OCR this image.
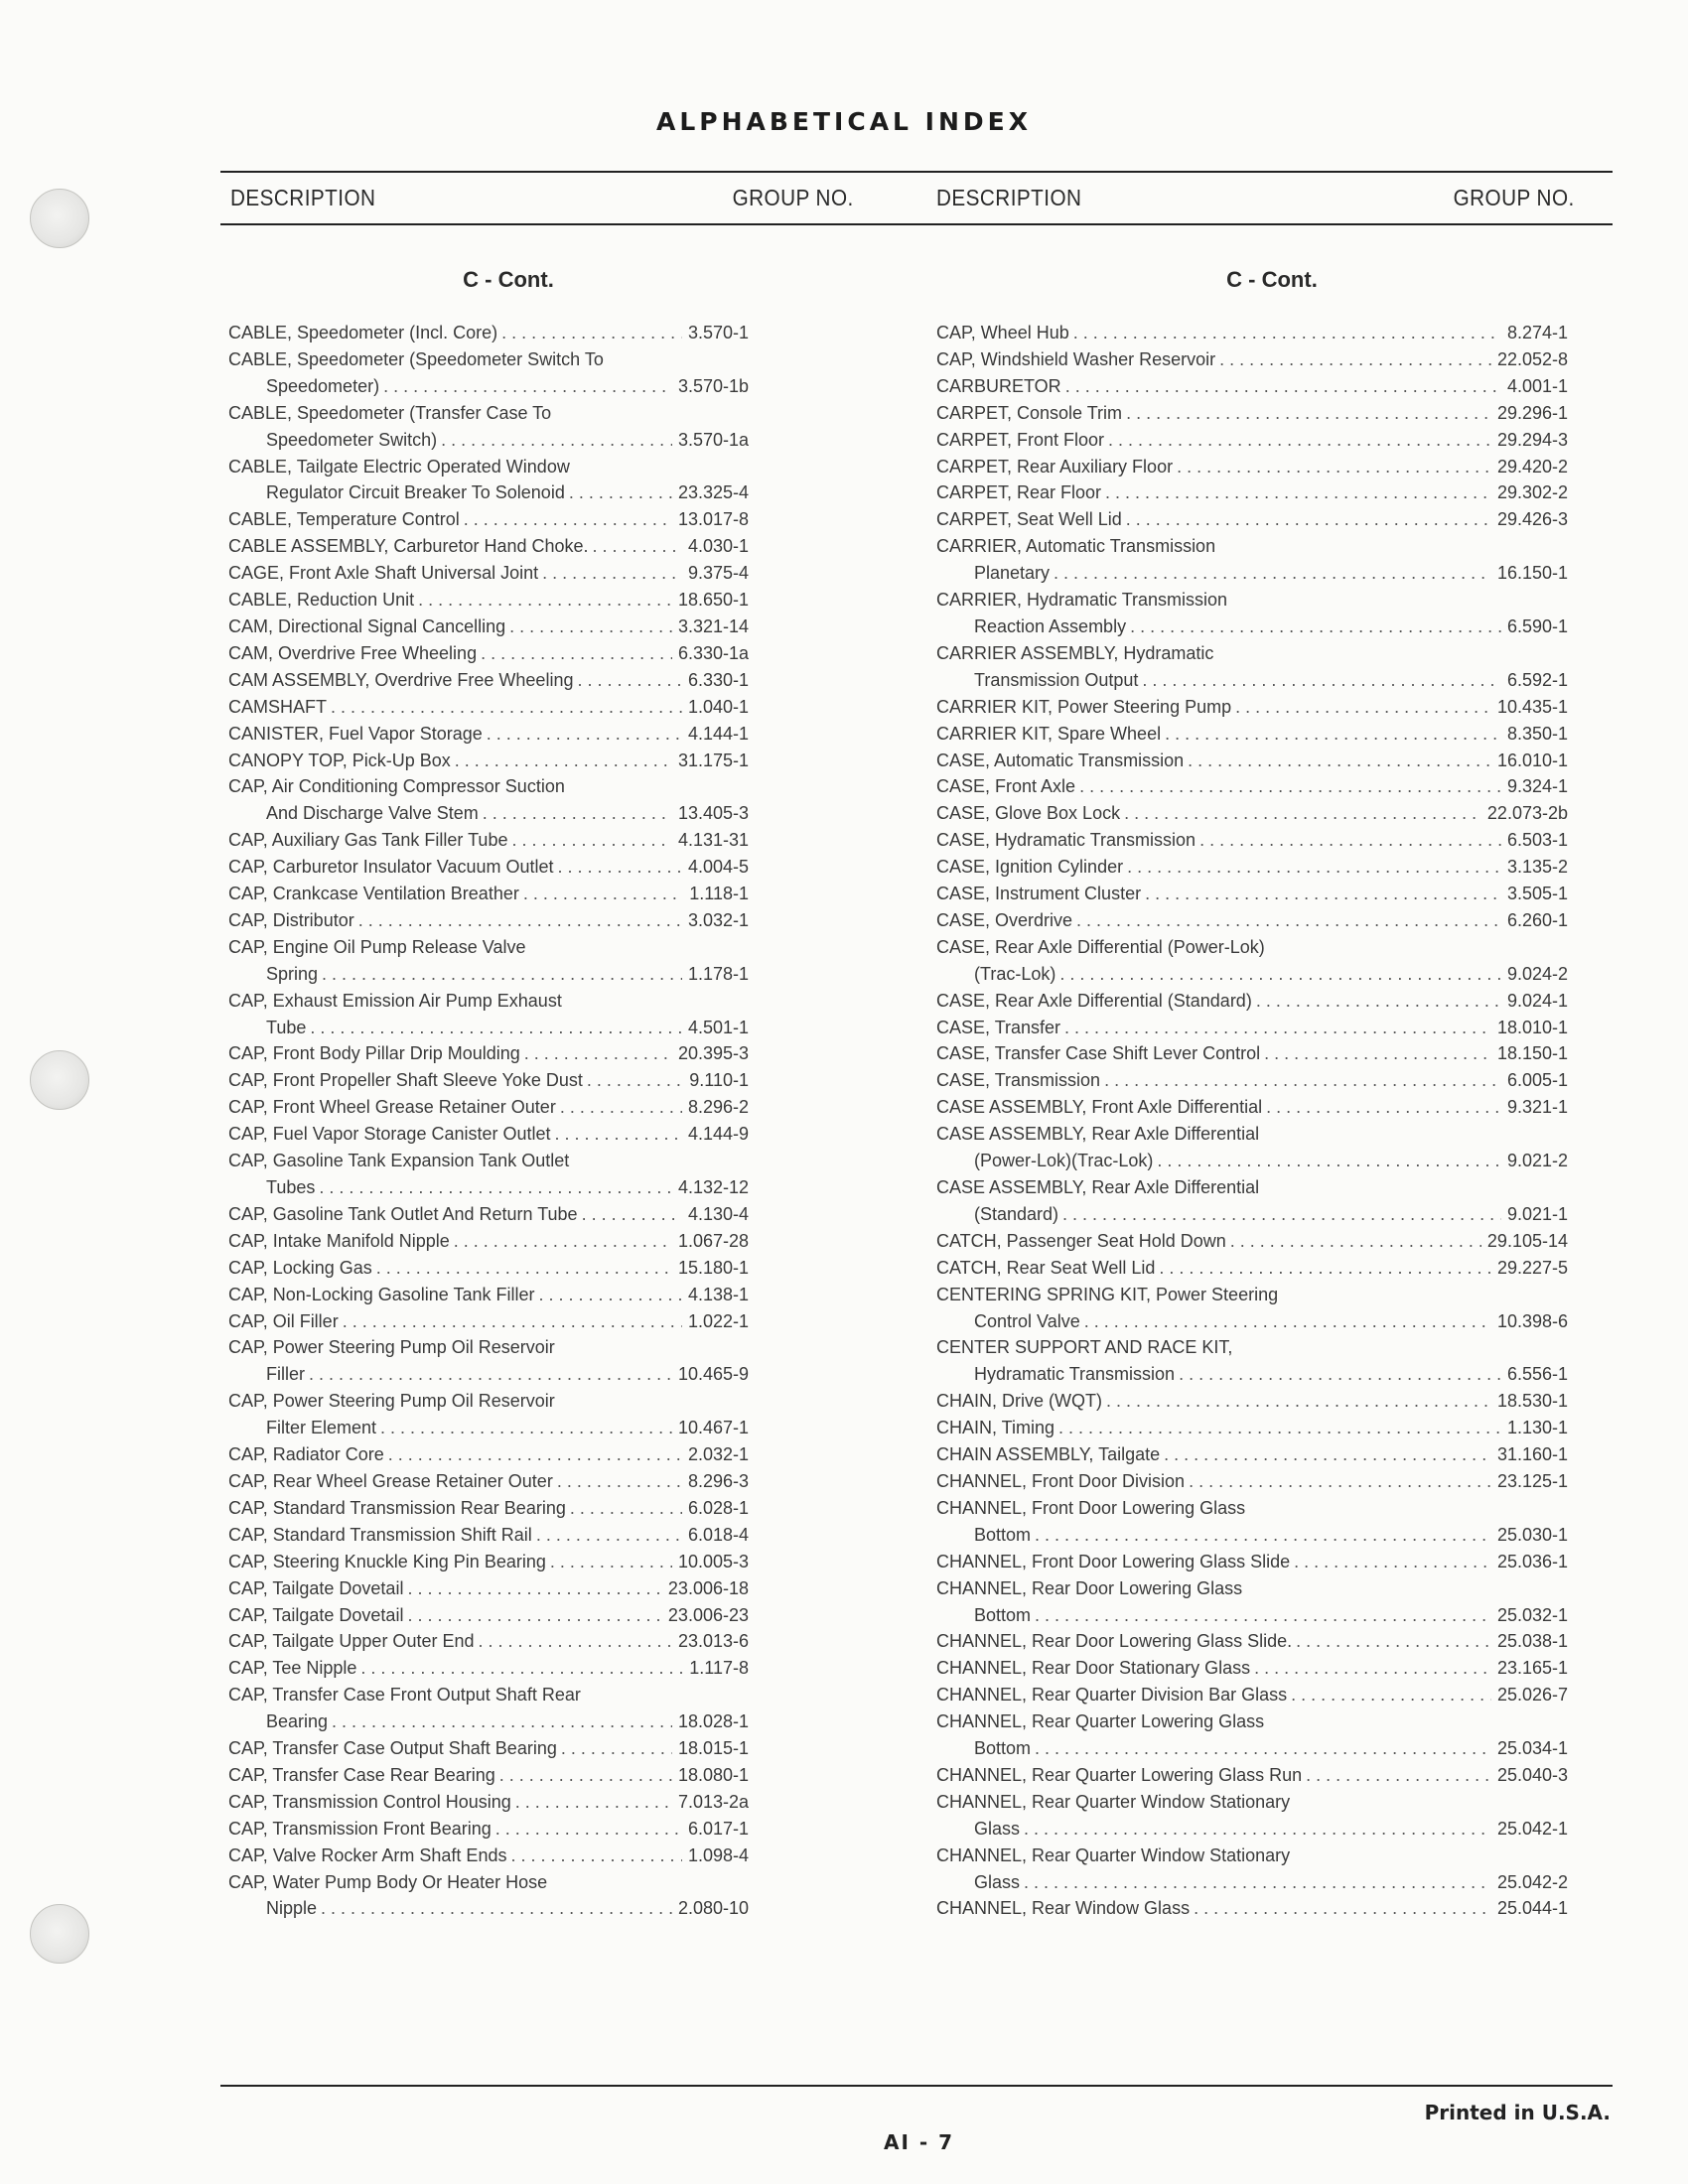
ALPHABETICAL INDEX
DESCRIPTION	GROUP NO.	DESCRIPTION	GROUP NO.
C - Cont.
CABLE, Speedometer (Incl. Core) . . .	3.570-1
CABLE, Speedometer (Speedometer Switch To
Speedometer) . . .	3.570-1b
CABLE, Speedometer (Transfer Case To
Speedometer Switch) . . .	3.570-1a
CABLE, Tailgate Electric Operated Window
Regulator Circuit Breaker To Solenoid . . .	23.325-4
CABLE, Temperature Control . . .	13.017-8
CABLE ASSEMBLY, Carburetor Hand Choke. . . .	4.030-1
CAGE, Front Axle Shaft Universal Joint . . .	9.375-4
CABLE, Reduction Unit . . .	18.650-1
CAM, Directional Signal Cancelling . . .	3.321-14
CAM, Overdrive Free Wheeling . . .	6.330-1a
CAM ASSEMBLY, Overdrive Free Wheeling . . .	6.330-1
CAMSHAFT . . .	1.040-1
CANISTER, Fuel Vapor Storage . . .	4.144-1
CANOPY TOP, Pick-Up Box . . .	31.175-1
CAP, Air Conditioning Compressor Suction
And Discharge Valve Stem . . .	13.405-3
CAP, Auxiliary Gas Tank Filler Tube . . .	4.131-31
CAP, Carburetor Insulator Vacuum Outlet . . .	4.004-5
CAP, Crankcase Ventilation Breather . . .	1.118-1
CAP, Distributor . . .	3.032-1
CAP, Engine Oil Pump Release Valve
Spring . . .	1.178-1
CAP, Exhaust Emission Air Pump Exhaust
Tube . . .	4.501-1
CAP, Front Body Pillar Drip Moulding . . .	20.395-3
CAP, Front Propeller Shaft Sleeve Yoke Dust . . .	9.110-1
CAP, Front Wheel Grease Retainer Outer . . .	8.296-2
CAP, Fuel Vapor Storage Canister Outlet . . .	4.144-9
CAP, Gasoline Tank Expansion Tank Outlet
Tubes . . .	4.132-12
CAP, Gasoline Tank Outlet And Return Tube . . .	4.130-4
CAP, Intake Manifold Nipple . . .	1.067-28
CAP, Locking Gas . . .	15.180-1
CAP, Non-Locking Gasoline Tank Filler . . .	4.138-1
CAP, Oil Filler . . .	1.022-1
CAP, Power Steering Pump Oil Reservoir
Filler . . .	10.465-9
CAP, Power Steering Pump Oil Reservoir
Filter Element . . .	10.467-1
CAP, Radiator Core . . .	2.032-1
CAP, Rear Wheel Grease Retainer Outer . . .	8.296-3
CAP, Standard Transmission Rear Bearing . . .	6.028-1
CAP, Standard Transmission Shift Rail . . .	6.018-4
CAP, Steering Knuckle King Pin Bearing . . .	10.005-3
CAP, Tailgate Dovetail . . .	23.006-18
CAP, Tailgate Dovetail . . .	23.006-23
CAP, Tailgate Upper Outer End . . .	23.013-6
CAP, Tee Nipple . . .	1.117-8
CAP, Transfer Case Front Output Shaft Rear
Bearing . . .	18.028-1
CAP, Transfer Case Output Shaft Bearing . . .	18.015-1
CAP, Transfer Case Rear Bearing . . .	18.080-1
CAP, Transmission Control Housing . . .	7.013-2a
CAP, Transmission Front Bearing . . .	6.017-1
CAP, Valve Rocker Arm Shaft Ends . . .	1.098-4
CAP, Water Pump Body Or Heater Hose
Nipple . . .	2.080-10
C - Cont.
CAP, Wheel Hub . . .	8.274-1
CAP, Windshield Washer Reservoir . . .	22.052-8
CARBURETOR . . .	4.001-1
CARPET, Console Trim . . .	29.296-1
CARPET, Front Floor . . .	29.294-3
CARPET, Rear Auxiliary Floor . . .	29.420-2
CARPET, Rear Floor . . .	29.302-2
CARPET, Seat Well Lid . . .	29.426-3
CARRIER, Automatic Transmission
Planetary . . .	16.150-1
CARRIER, Hydramatic Transmission
Reaction Assembly . . .	6.590-1
CARRIER ASSEMBLY, Hydramatic
Transmission Output . . .	6.592-1
CARRIER KIT, Power Steering Pump . . .	10.435-1
CARRIER KIT, Spare Wheel . . .	8.350-1
CASE, Automatic Transmission . . .	16.010-1
CASE, Front Axle . . .	9.324-1
CASE, Glove Box Lock . . .	22.073-2b
CASE, Hydramatic Transmission . . .	6.503-1
CASE, Ignition Cylinder . . .	3.135-2
CASE, Instrument Cluster . . .	3.505-1
CASE, Overdrive . . .	6.260-1
CASE, Rear Axle Differential (Power-Lok)
(Trac-Lok) . . .	9.024-2
CASE, Rear Axle Differential (Standard) . . .	9.024-1
CASE, Transfer . . .	18.010-1
CASE, Transfer Case Shift Lever Control . . .	18.150-1
CASE, Transmission . . .	6.005-1
CASE ASSEMBLY, Front Axle Differential . . .	9.321-1
CASE ASSEMBLY, Rear Axle Differential
(Power-Lok)(Trac-Lok) . . .	9.021-2
CASE ASSEMBLY, Rear Axle Differential
(Standard) . . .	9.021-1
CATCH, Passenger Seat Hold Down . . .	29.105-14
CATCH, Rear Seat Well Lid . . .	29.227-5
CENTERING SPRING KIT, Power Steering
Control Valve . . .	10.398-6
CENTER SUPPORT AND RACE KIT,
Hydramatic Transmission . . .	6.556-1
CHAIN, Drive (WQT) . . .	18.530-1
CHAIN, Timing . . .	1.130-1
CHAIN ASSEMBLY, Tailgate . . .	31.160-1
CHANNEL, Front Door Division . . .	23.125-1
CHANNEL, Front Door Lowering Glass
Bottom . . .	25.030-1
CHANNEL, Front Door Lowering Glass Slide . . .	25.036-1
CHANNEL, Rear Door Lowering Glass
Bottom . . .	25.032-1
CHANNEL, Rear Door Lowering Glass Slide. . . .	25.038-1
CHANNEL, Rear Door Stationary Glass . . .	23.165-1
CHANNEL, Rear Quarter Division Bar Glass . . .	25.026-7
CHANNEL, Rear Quarter Lowering Glass
Bottom . . .	25.034-1
CHANNEL, Rear Quarter Lowering Glass Run . . .	25.040-3
CHANNEL, Rear Quarter Window Stationary
Glass . . .	25.042-1
CHANNEL, Rear Quarter Window Stationary
Glass . . .	25.042-2
CHANNEL, Rear Window Glass . . .	25.044-1
Printed in U.S.A.
AI - 7
